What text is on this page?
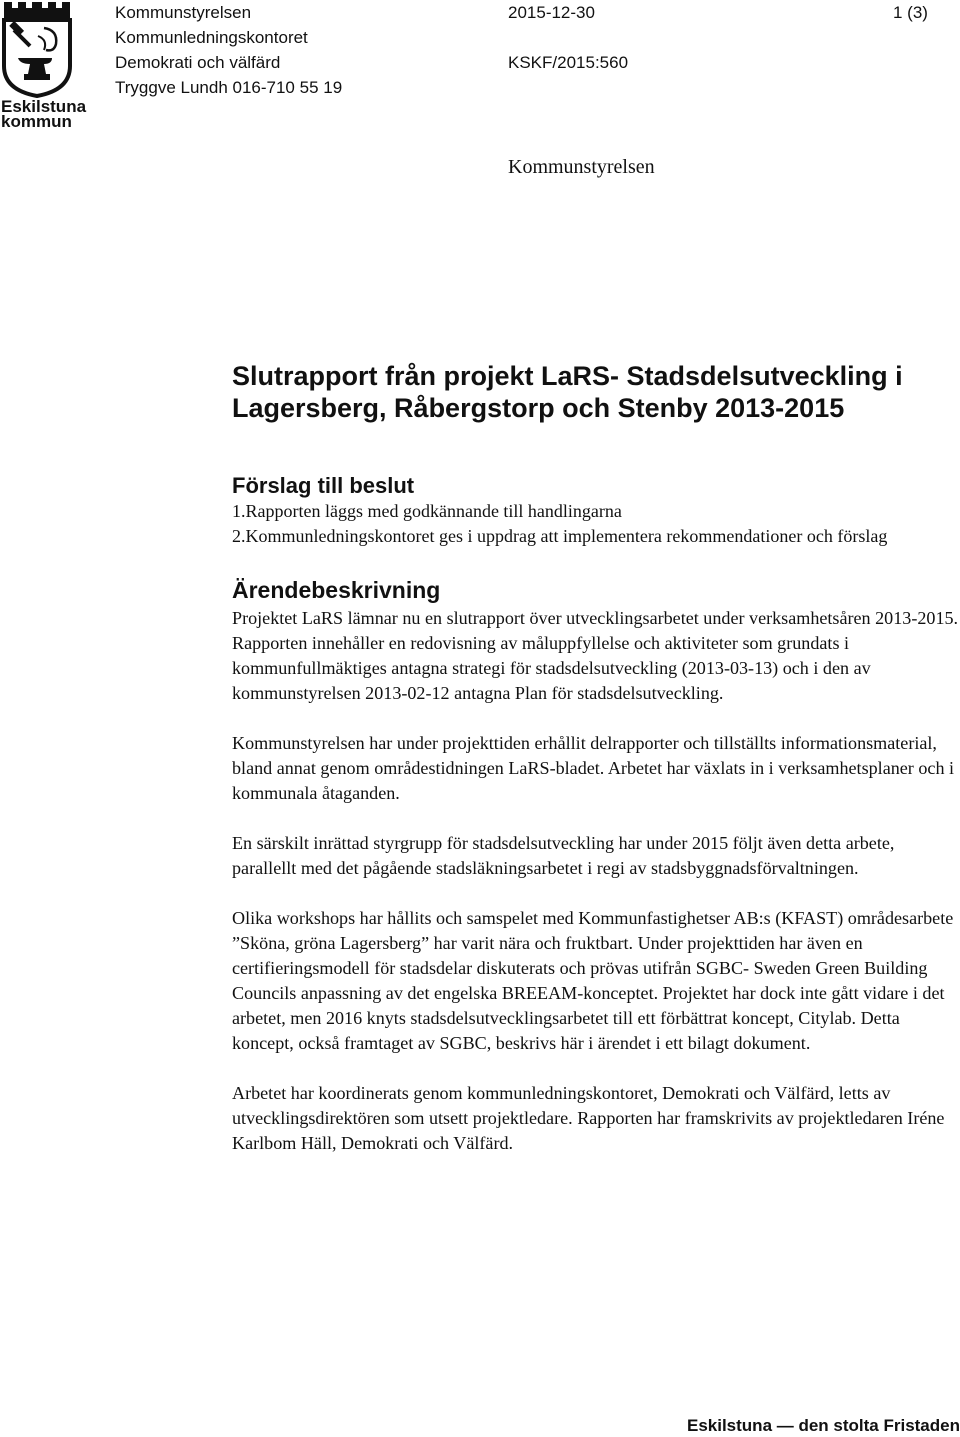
Eskilstuna
kommun
Kommunstyrelsen
Kommunledningskontoret
Demokrati och välfärd
Tryggve Lundh 016-710 55 19
2015-12-30
KSKF/2015:560
1 (3)
Kommunstyrelsen
Slutrapport från projekt LaRS- Stadsdelsutveckling i
Lagersberg, Råbergstorp och Stenby 2013-2015
Förslag till beslut

1.Rapporten läggs med godkännande till handlingarna

2.Kommunledningskontoret ges i uppdrag att implementera rekommendationer och förslag

Ärendebeskrivning

Projektet LaRS lämnar nu en slutrapport över utvecklingsarbetet under verksamhetsåren 2013-2015. Rapporten innehåller en redovisning av måluppfyllelse och aktiviteter som grundats i kommunfullmäktiges antagna strategi för stadsdelsutveckling (2013-03-13) och i den av kommunstyrelsen 2013-02-12 antagna Plan för stadsdelsutveckling.

Kommunstyrelsen har under projekttiden erhållit delrapporter och tillställts informationsmaterial, bland annat genom områdestidningen LaRS-bladet. Arbetet har växlats in i verksamhetsplaner och i kommunala åtaganden.

En särskilt inrättad styrgrupp för stadsdelsutveckling har under 2015 följt även detta arbete, parallellt med det pågående stadsläkningsarbetet i regi av stadsbyggnadsförvaltningen.

Olika workshops har hållits och samspelet med Kommunfastighetser AB:s (KFAST) områdesarbete ”Sköna, gröna Lagersberg” har varit nära och fruktbart. Under projekttiden har även en certifieringsmodell för stadsdelar diskuterats och prövas utifrån SGBC- Sweden Green Building Councils anpassning av det engelska BREEAM-konceptet. Projektet har dock inte gått vidare i det arbetet, men 2016 knyts stadsdelsutvecklingsarbetet till ett förbättrat koncept, Citylab. Detta koncept, också framtaget av SGBC, beskrivs här i ärendet i ett bilagt dokument.

Arbetet har koordinerats genom kommunledningskontoret, Demokrati och Välfärd, letts av utvecklingsdirektören som utsett projektledare. Rapporten har framskrivits av projektledaren Iréne Karlbom Häll, Demokrati och Välfärd.

Eskilstuna — den stolta Fristaden
